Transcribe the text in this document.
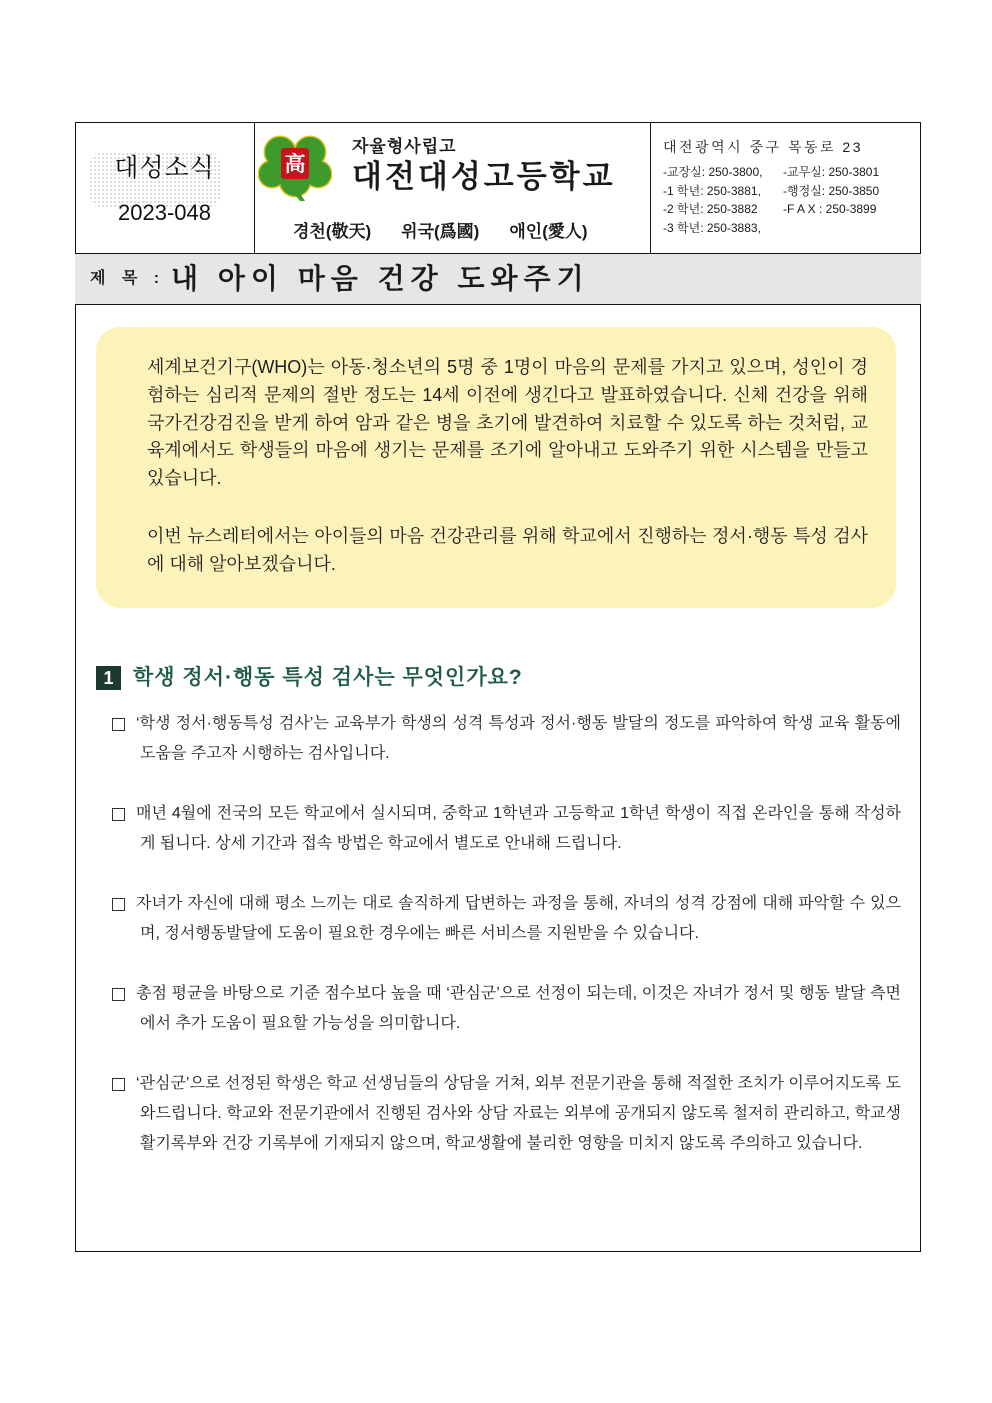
대성소식
2023-048
高
자율형사립고
대전대성고등학교
경천(敬天) 위국(爲國) 애인(愛人)
대전광역시 중구 목동로 23
-교장실: 250-3800,	-교무실: 250-3801
-1 학년: 250-3881,	-행정실: 250-3850
-2 학년: 250-3882	-F A X : 250-3899
-3 학년: 250-3883,
제 목 : 내 아이 마음 건강 도와주기

세계보건기구(WHO)는 아동·청소년의 5명 중 1명이 마음의 문제를 가지고 있으며, 성인이 경험하는 심리적 문제의 절반 정도는 14세 이전에 생긴다고 발표하였습니다. 신체 건강을 위해 국가건강검진을 받게 하여 암과 같은 병을 초기에 발견하여 치료할 수 있도록 하는 것처럼, 교육계에서도 학생들의 마음에 생기는 문제를 조기에 알아내고 도와주기 위한 시스템을 만들고 있습니다.

이번 뉴스레터에서는 아이들의 마음 건강관리를 위해 학교에서 진행하는 정서·행동 특성 검사에 대해 알아보겠습니다.

1 학생 정서·행동 특성 검사는 무엇인가요?
‘학생 정서·행동특성 검사’는 교육부가 학생의 성격 특성과 정서·행동 발달의 정도를 파악하여 학생 교육 활동에 도움을 주고자 시행하는 검사입니다.
매년 4월에 전국의 모든 학교에서 실시되며, 중학교 1학년과 고등학교 1학년 학생이 직접 온라인을 통해 작성하게 됩니다. 상세 기간과 접속 방법은 학교에서 별도로 안내해 드립니다.
자녀가 자신에 대해 평소 느끼는 대로 솔직하게 답변하는 과정을 통해, 자녀의 성격 강점에 대해 파악할 수 있으며, 정서행동발달에 도움이 필요한 경우에는 빠른 서비스를 지원받을 수 있습니다.
총점 평균을 바탕으로 기준 점수보다 높을 때 ‘관심군’으로 선정이 되는데, 이것은 자녀가 정서 및 행동 발달 측면에서 추가 도움이 필요할 가능성을 의미합니다.
‘관심군’으로 선정된 학생은 학교 선생님들의 상담을 거쳐, 외부 전문기관을 통해 적절한 조치가 이루어지도록 도와드립니다. 학교와 전문기관에서 진행된 검사와 상담 자료는 외부에 공개되지 않도록 철저히 관리하고, 학교생활기록부와 건강 기록부에 기재되지 않으며, 학교생활에 불리한 영향을 미치지 않도록 주의하고 있습니다.
